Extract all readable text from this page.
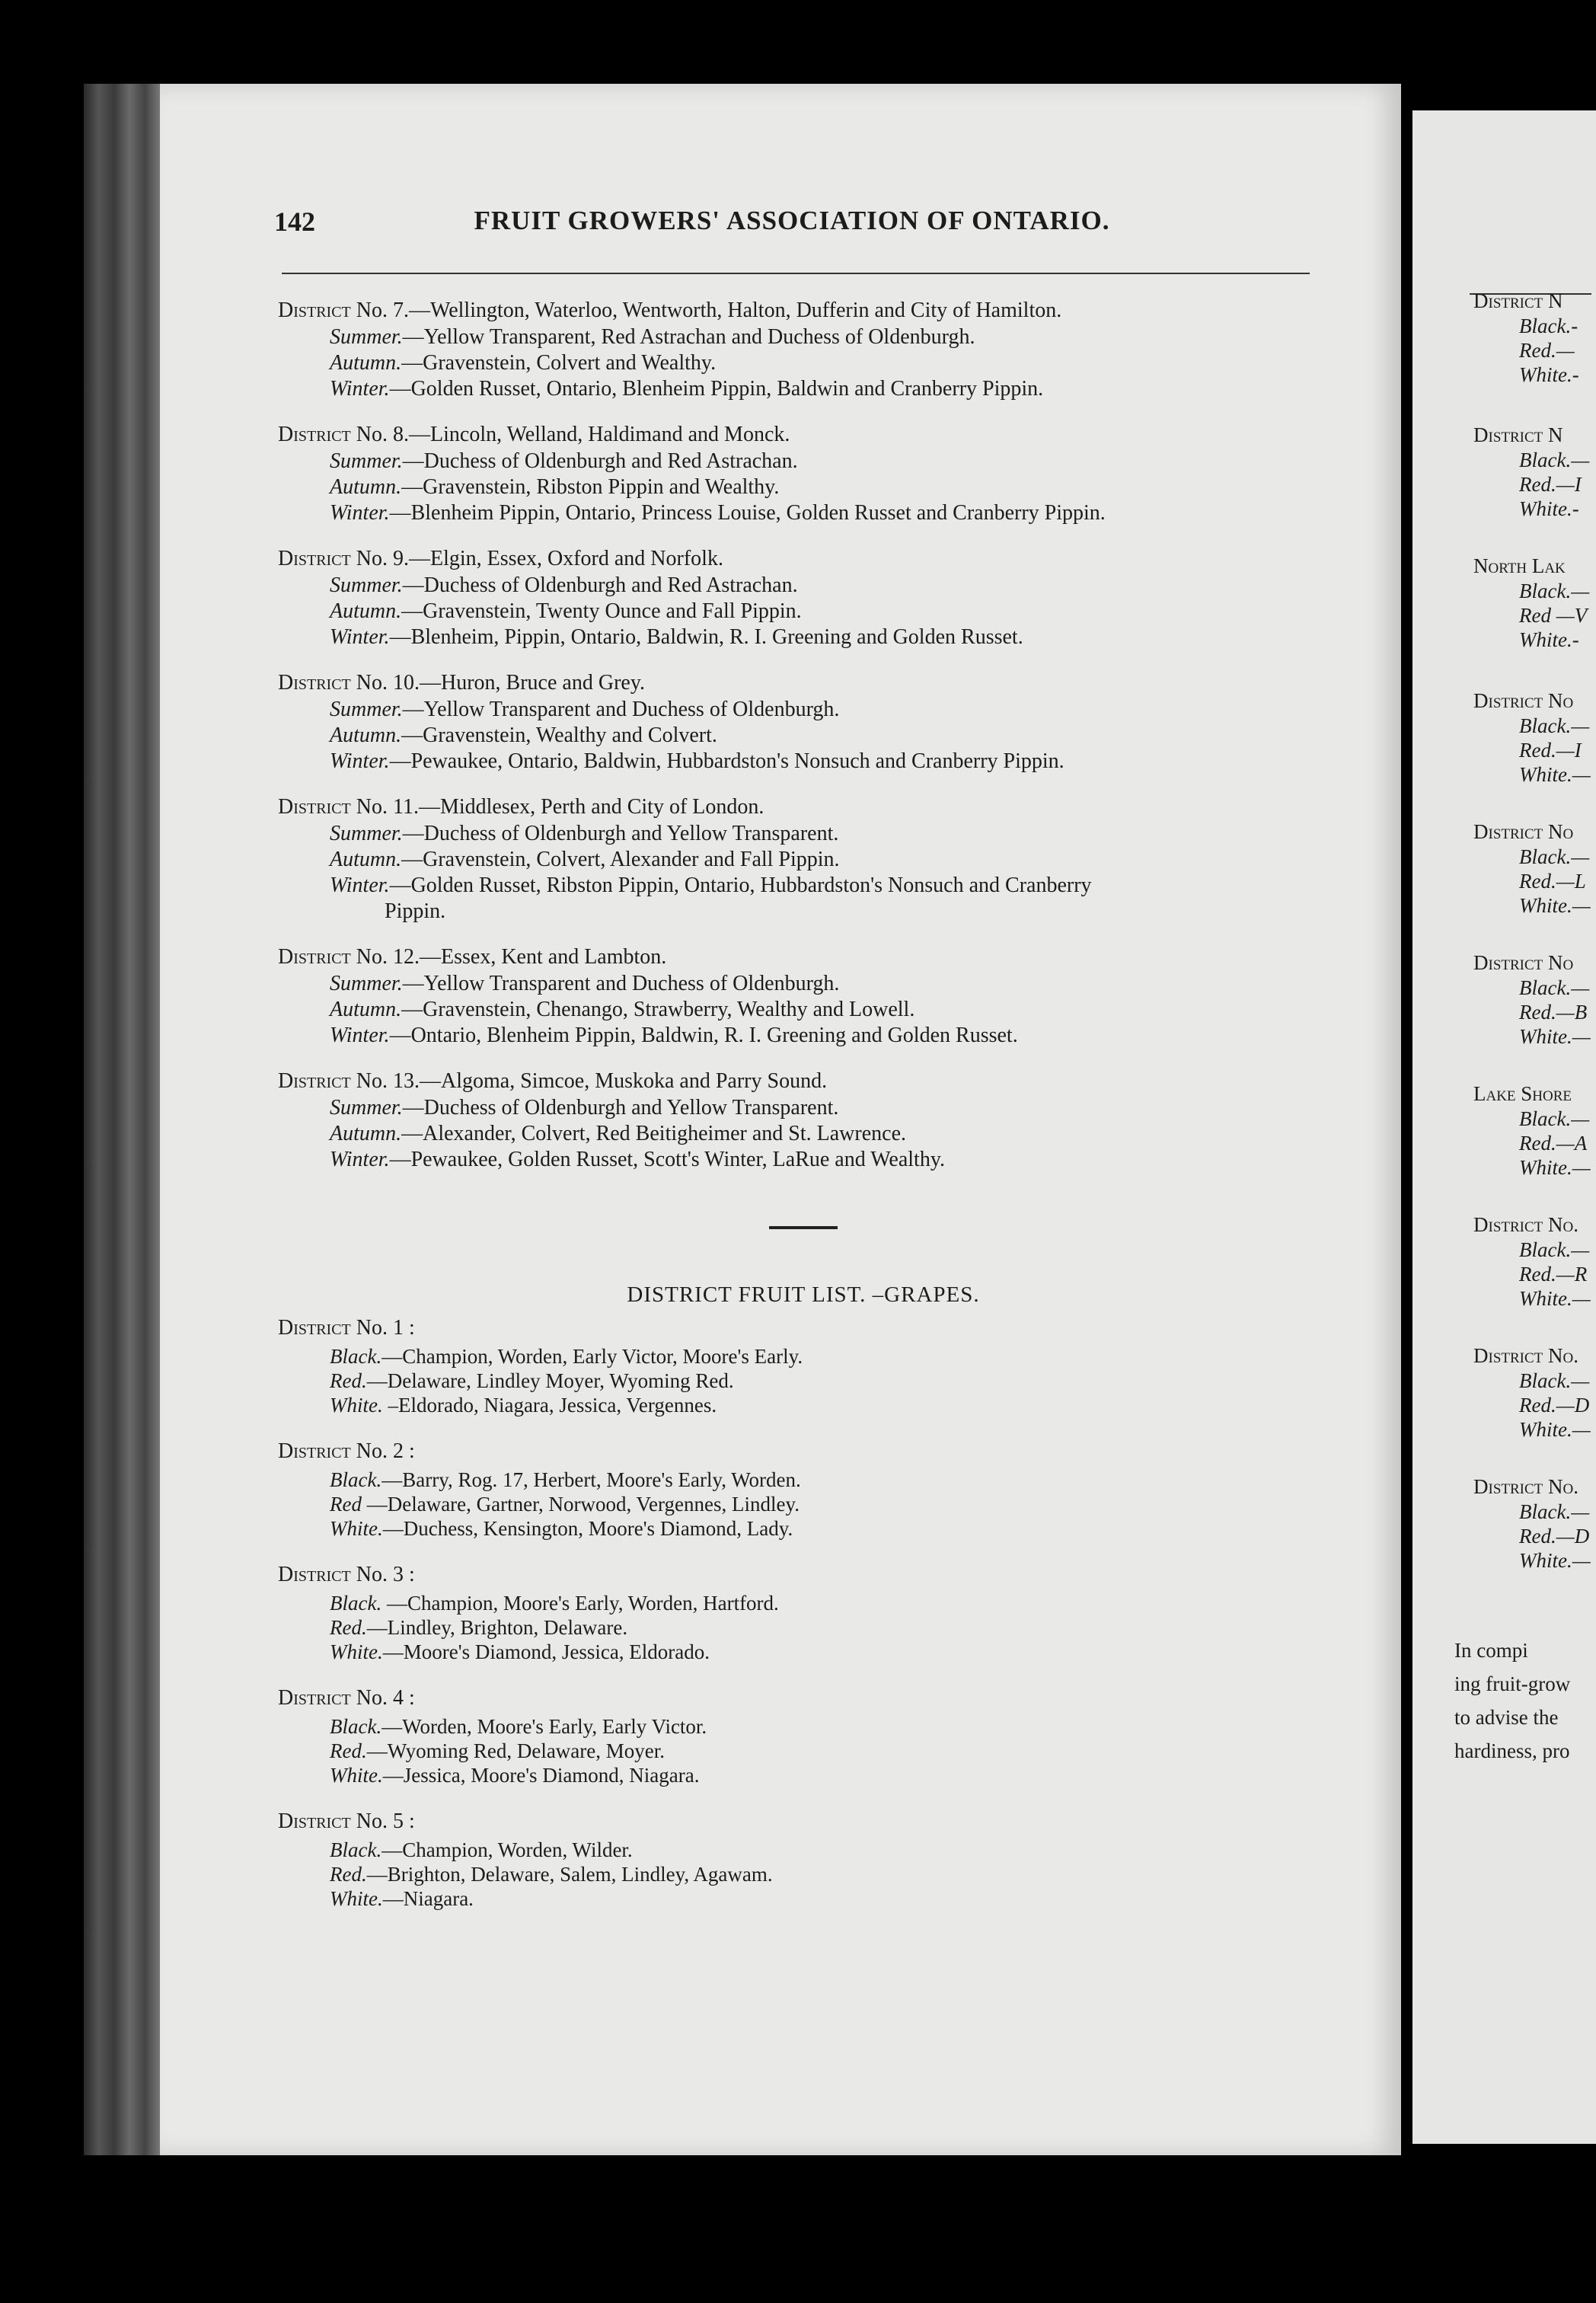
142	FRUIT GROWERS' ASSOCIATION OF ONTARIO.
District No. 7.—Wellington, Waterloo, Wentworth, Halton, Dufferin and City of Hamilton.
Summer.—Yellow Transparent, Red Astrachan and Duchess of Oldenburgh.
Autumn.—Gravenstein, Colvert and Wealthy.
Winter.—Golden Russet, Ontario, Blenheim Pippin, Baldwin and Cranberry Pippin.
District No. 8.—Lincoln, Welland, Haldimand and Monck.
Summer.—Duchess of Oldenburgh and Red Astrachan.
Autumn.—Gravenstein, Ribston Pippin and Wealthy.
Winter.—Blenheim Pippin, Ontario, Princess Louise, Golden Russet and Cranberry Pippin.
District No. 9.—Elgin, Essex, Oxford and Norfolk.
Summer.—Duchess of Oldenburgh and Red Astrachan.
Autumn.—Gravenstein, Twenty Ounce and Fall Pippin.
Winter.—Blenheim, Pippin, Ontario, Baldwin, R. I. Greening and Golden Russet.
District No. 10.—Huron, Bruce and Grey.
Summer.—Yellow Transparent and Duchess of Oldenburgh.
Autumn.—Gravenstein, Wealthy and Colvert.
Winter.—Pewaukee, Ontario, Baldwin, Hubbardston's Nonsuch and Cranberry Pippin.
District No. 11.—Middlesex, Perth and City of London.
Summer.—Duchess of Oldenburgh and Yellow Transparent.
Autumn.—Gravenstein, Colvert, Alexander and Fall Pippin.
Winter.—Golden Russet, Ribston Pippin, Ontario, Hubbardston's Nonsuch and Cranberry
Pippin.
District No. 12.—Essex, Kent and Lambton.
Summer.—Yellow Transparent and Duchess of Oldenburgh.
Autumn.—Gravenstein, Chenango, Strawberry, Wealthy and Lowell.
Winter.—Ontario, Blenheim Pippin, Baldwin, R. I. Greening and Golden Russet.
District No. 13.—Algoma, Simcoe, Muskoka and Parry Sound.
Summer.—Duchess of Oldenburgh and Yellow Transparent.
Autumn.—Alexander, Colvert, Red Beitigheimer and St. Lawrence.
Winter.—Pewaukee, Golden Russet, Scott's Winter, LaRue and Wealthy.
DISTRICT FRUIT LIST. –GRAPES.
District No. 1 :
Black.—Champion, Worden, Early Victor, Moore's Early.
Red.—Delaware, Lindley Moyer, Wyoming Red.
White. –Eldorado, Niagara, Jessica, Vergennes.
District No. 2 :
Black.—Barry, Rog. 17, Herbert, Moore's Early, Worden.
Red —Delaware, Gartner, Norwood, Vergennes, Lindley.
White.—Duchess, Kensington, Moore's Diamond, Lady.
District No. 3 :
Black. —Champion, Moore's Early, Worden, Hartford.
Red.—Lindley, Brighton, Delaware.
White.—Moore's Diamond, Jessica, Eldorado.
District No. 4 :
Black.—Worden, Moore's Early, Early Victor.
Red.—Wyoming Red, Delaware, Moyer.
White.—Jessica, Moore's Diamond, Niagara.
District No. 5 :
Black.—Champion, Worden, Wilder.
Red.—Brighton, Delaware, Salem, Lindley, Agawam.
White.—Niagara.
District N
Black.-
Red.—
White.-
District N
Black.—
Red.—I
White.-
North Lak
Black.—
Red —V
White.-
District No
Black.—
Red.—I
White.—
District No
Black.—
Red.—L
White.—
District No
Black.—
Red.—B
White.—
Lake Shore
Black.—
Red.—A
White.—
District No.
Black.—
Red.—R
White.—
District No.
Black.—
Red.—D
White.—
District No.
Black.—
Red.—D
White.—
In compi
ing fruit-grow
to advise the
hardiness, pro
